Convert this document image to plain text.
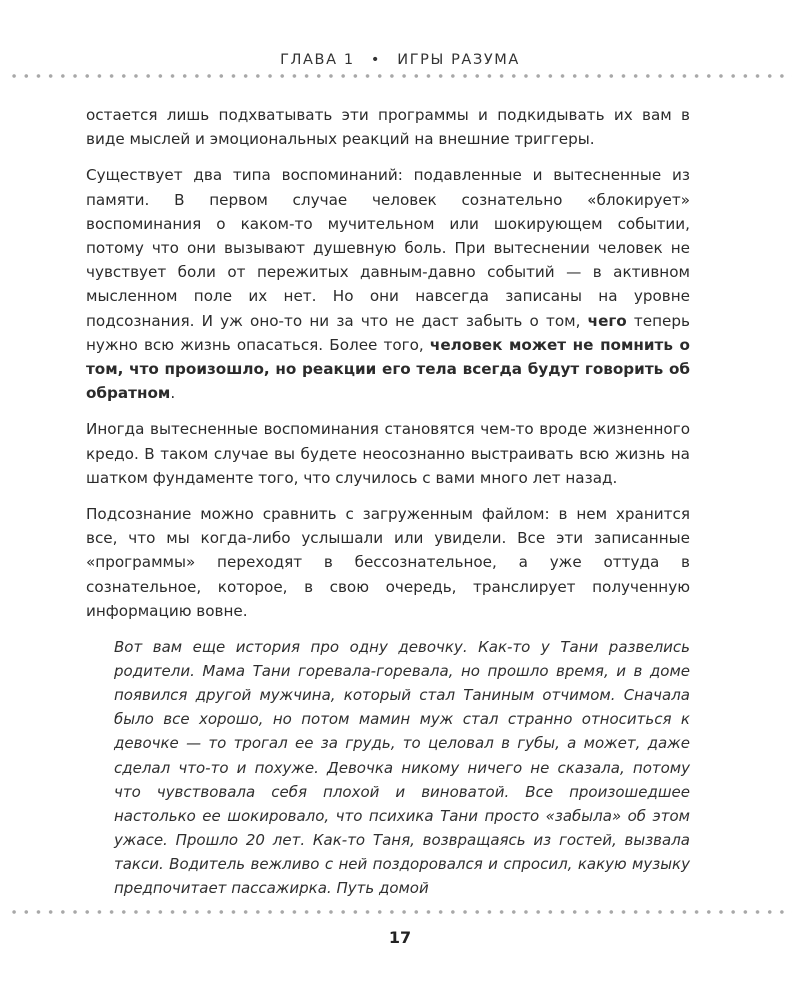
ГЛАВА 1 • ИГРЫ РАЗУМА

остается лишь подхватывать эти программы и подкидывать их вам в виде мыслей и эмоциональных реакций на внешние триггеры.

Существует два типа воспоминаний: подавленные и вытесненные из памяти. В первом случае человек сознательно «блокирует» воспоминания о каком-то мучительном или шокирующем событии, потому что они вызывают душевную боль. При вытеснении человек не чувствует боли от пережитых давным-давно событий — в активном мысленном поле их нет. Но они навсегда записаны на уровне подсознания. И уж оно-то ни за что не даст забыть о том, чего теперь нужно всю жизнь опасаться. Более того, человек может не помнить о том, что произошло, но реакции его тела всегда будут говорить об обратном.

Иногда вытесненные воспоминания становятся чем-то вроде жизненного кредо. В таком случае вы будете неосознанно выстраивать всю жизнь на шатком фундаменте того, что случилось с вами много лет назад.

Подсознание можно сравнить с загруженным файлом: в нем хранится все, что мы когда-либо услышали или увидели. Все эти записанные «программы» переходят в бессознательное, а уже оттуда в сознательное, которое, в свою очередь, транслирует полученную информацию вовне.

Вот вам еще история про одну девочку. Как-то у Тани развелись родители. Мама Тани горевала-горевала, но прошло время, и в доме появился другой мужчина, который стал Таниным отчимом. Сначала было все хорошо, но потом мамин муж стал странно относиться к девочке — то трогал ее за грудь, то целовал в губы, а может, даже сделал что-то и похуже. Девочка никому ничего не сказала, потому что чувствовала себя плохой и виноватой. Все произошедшее настолько ее шокировало, что психика Тани просто «забыла» об этом ужасе. Прошло 20 лет. Как-то Таня, возвращаясь из гостей, вызвала такси. Водитель вежливо с ней поздоровался и спросил, какую музыку предпочитает пассажирка. Путь домой

17
